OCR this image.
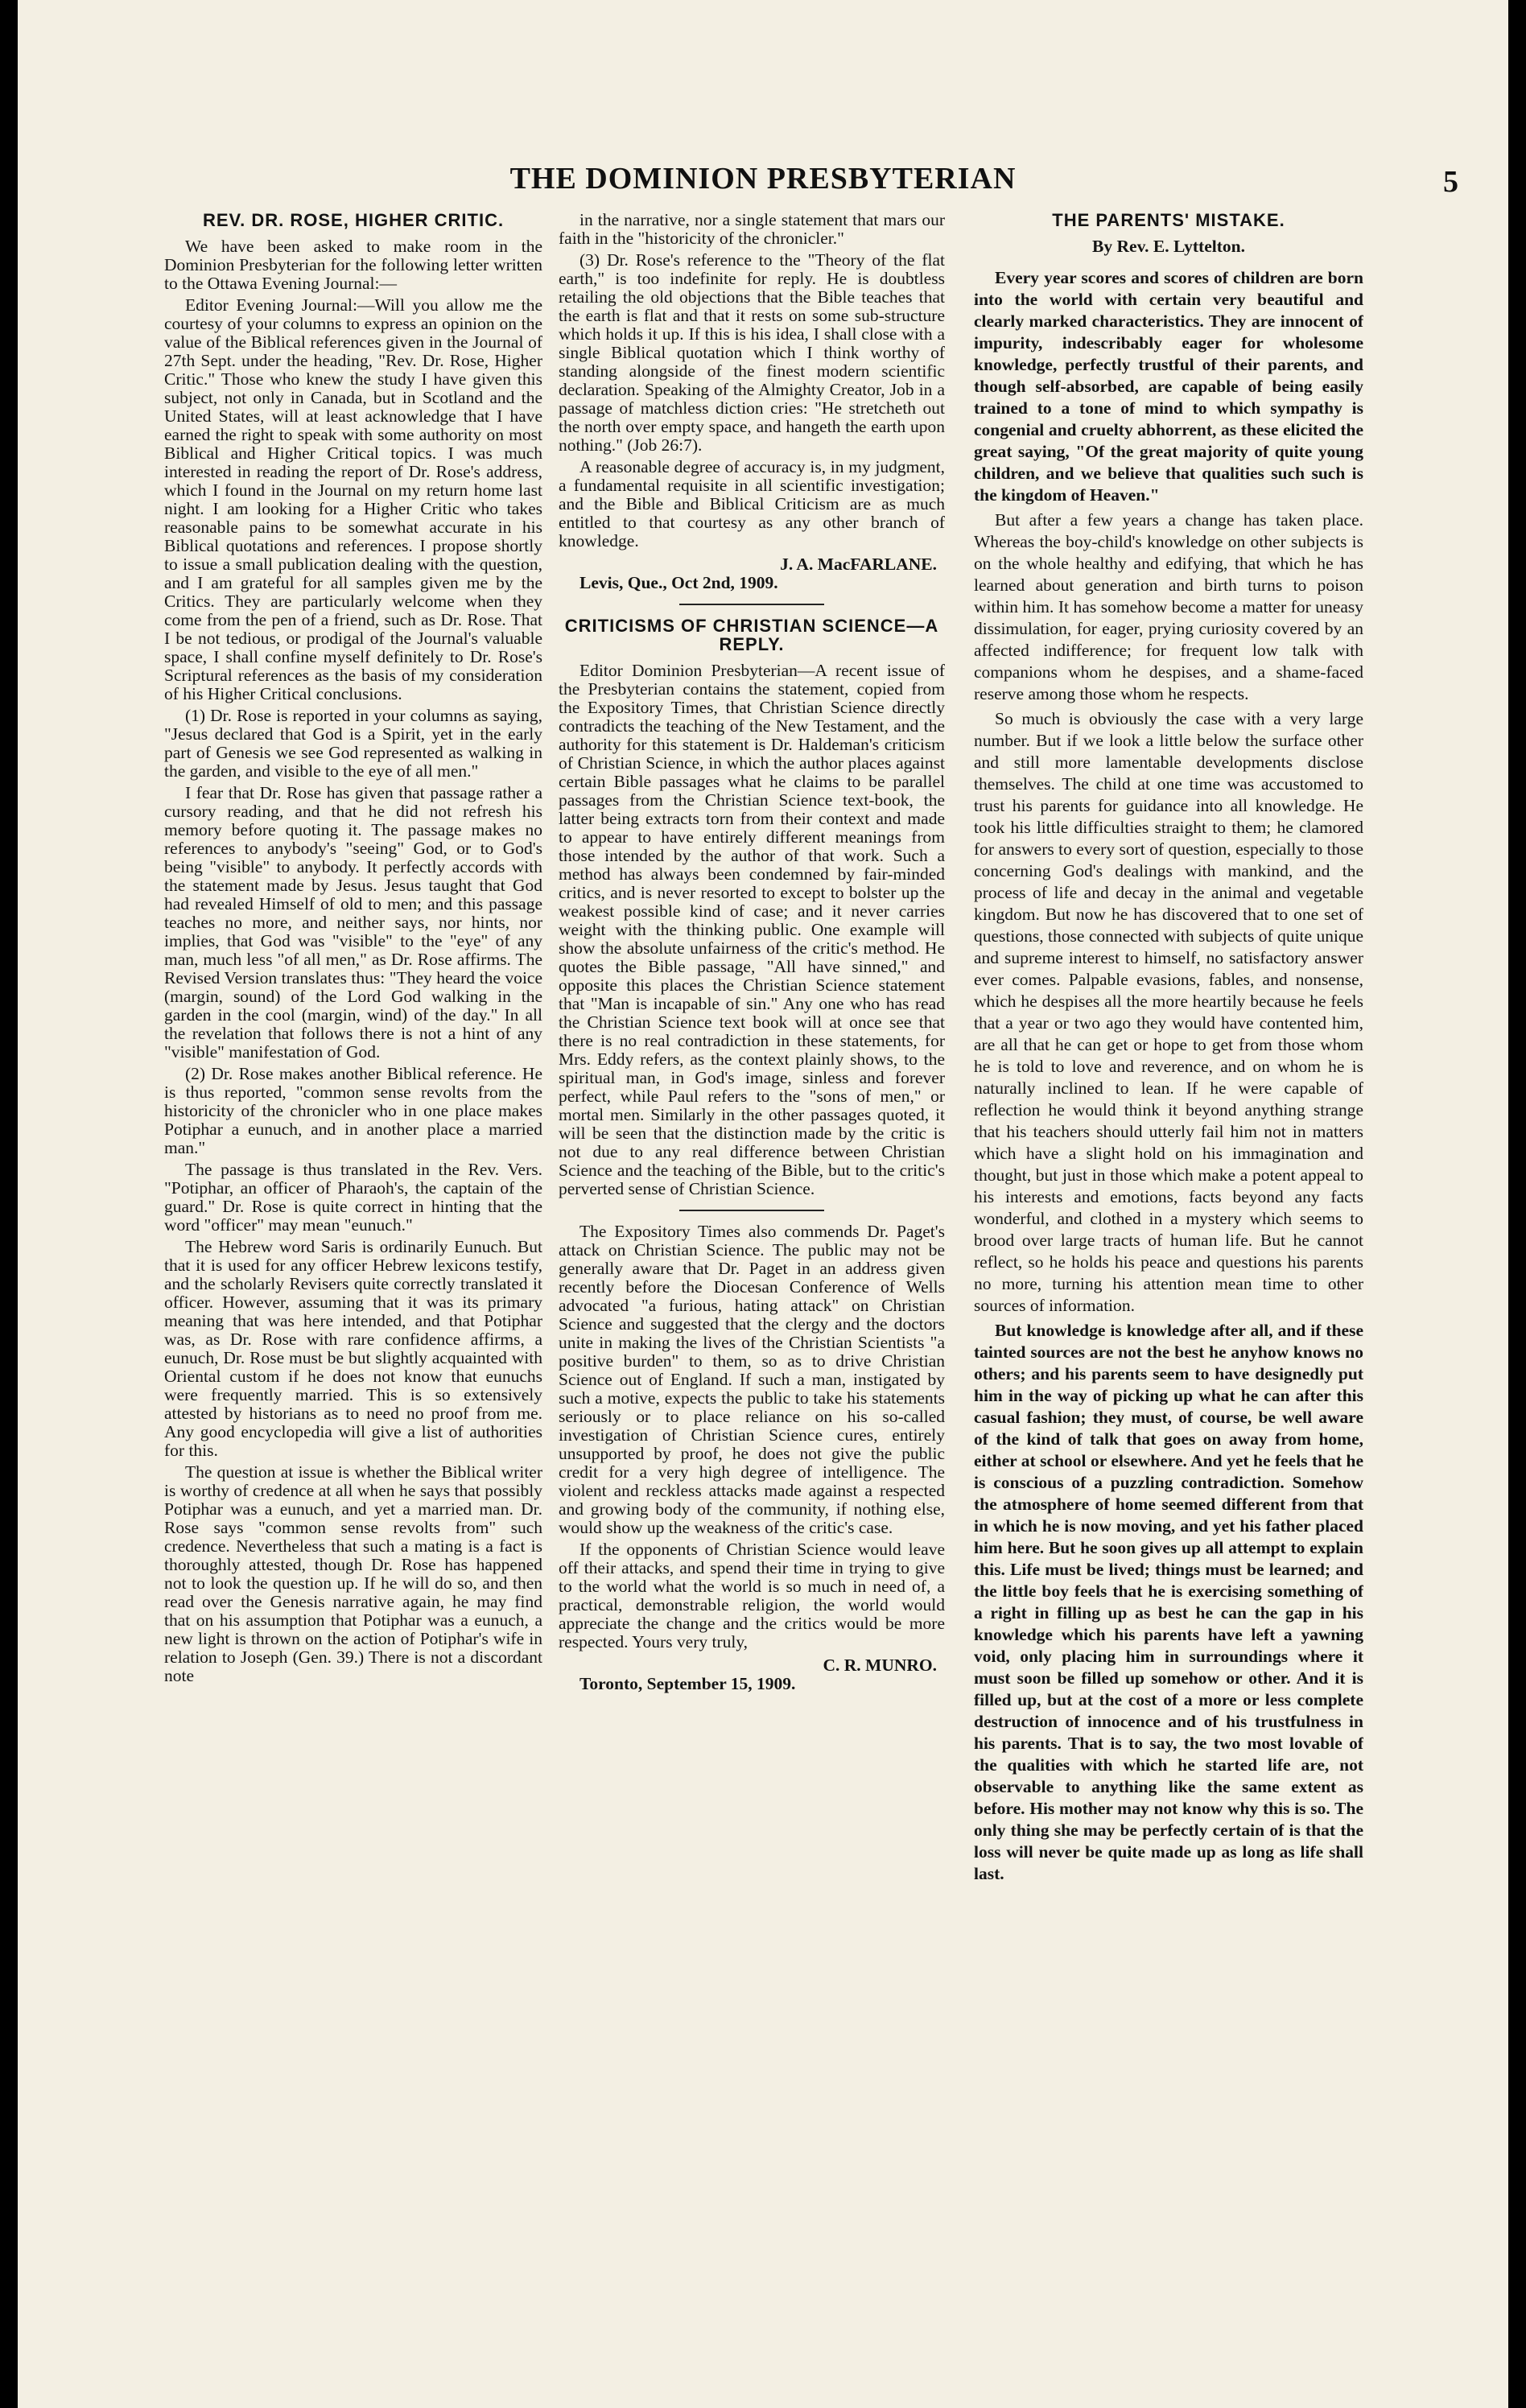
THE DOMINION PRESBYTERIAN	5
REV. DR. ROSE, HIGHER CRITIC.

We have been asked to make room in the Dominion Presbyterian for the following letter written to the Ottawa Evening Journal:—

Editor Evening Journal:—Will you allow me the courtesy of your columns to express an opinion on the value of the Biblical references given in the Journal of 27th Sept. under the heading, "Rev. Dr. Rose, Higher Critic." Those who knew the study I have given this subject, not only in Canada, but in Scotland and the United States, will at least acknowledge that I have earned the right to speak with some authority on most Biblical and Higher Critical topics. I was much interested in reading the report of Dr. Rose's address, which I found in the Journal on my return home last night. I am looking for a Higher Critic who takes reasonable pains to be somewhat accurate in his Biblical quotations and references. I propose shortly to issue a small publication dealing with the question, and I am grateful for all samples given me by the Critics. They are particularly welcome when they come from the pen of a friend, such as Dr. Rose. That I be not tedious, or prodigal of the Journal's valuable space, I shall confine myself definitely to Dr. Rose's Scriptural references as the basis of my consideration of his Higher Critical conclusions.

(1) Dr. Rose is reported in your columns as saying, "Jesus declared that God is a Spirit, yet in the early part of Genesis we see God represented as walking in the garden, and visible to the eye of all men."

I fear that Dr. Rose has given that passage rather a cursory reading, and that he did not refresh his memory before quoting it. The passage makes no references to anybody's "seeing" God, or to God's being "visible" to anybody. It perfectly accords with the statement made by Jesus. Jesus taught that God had revealed Himself of old to men; and this passage teaches no more, and neither says, nor hints, nor implies, that God was "visible" to the "eye" of any man, much less "of all men," as Dr. Rose affirms. The Revised Version translates thus: "They heard the voice (margin, sound) of the Lord God walking in the garden in the cool (margin, wind) of the day." In all the revelation that follows there is not a hint of any "visible" manifestation of God.

(2) Dr. Rose makes another Biblical reference. He is thus reported, "common sense revolts from the historicity of the chronicler who in one place makes Potiphar a eunuch, and in another place a married man."

The passage is thus translated in the Rev. Vers. "Potiphar, an officer of Pharaoh's, the captain of the guard." Dr. Rose is quite correct in hinting that the word "officer" may mean "eunuch."

The Hebrew word Saris is ordinarily Eunuch. But that it is used for any officer Hebrew lexicons testify, and the scholarly Revisers quite correctly translated it officer. However, assuming that it was its primary meaning that was here intended, and that Potiphar was, as Dr. Rose with rare confidence affirms, a eunuch, Dr. Rose must be but slightly acquainted with Oriental custom if he does not know that eunuchs were frequently married. This is so extensively attested by historians as to need no proof from me. Any good encyclopedia will give a list of authorities for this.

The question at issue is whether the Biblical writer is worthy of credence at all when he says that possibly Potiphar was a eunuch, and yet a married man. Dr. Rose says "common sense revolts from" such credence. Nevertheless that such a mating is a fact is thoroughly attested, though Dr. Rose has happened not to look the question up. If he will do so, and then read over the Genesis narrative again, he may find that on his assumption that Potiphar was a eunuch, a new light is thrown on the action of Potiphar's wife in relation to Joseph (Gen. 39.) There is not a discordant note

in the narrative, nor a single statement that mars our faith in the "historicity of the chronicler."

(3) Dr. Rose's reference to the "Theory of the flat earth," is too indefinite for reply. He is doubtless retailing the old objections that the Bible teaches that the earth is flat and that it rests on some sub-structure which holds it up. If this is his idea, I shall close with a single Biblical quotation which I think worthy of standing alongside of the finest modern scientific declaration. Speaking of the Almighty Creator, Job in a passage of matchless diction cries: "He stretcheth out the north over empty space, and hangeth the earth upon nothing." (Job 26:7).

A reasonable degree of accuracy is, in my judgment, a fundamental requisite in all scientific investigation; and the Bible and Biblical Criticism are as much entitled to that courtesy as any other branch of knowledge.

J. A. MacFARLANE.

Levis, Que., Oct 2nd, 1909.

CRITICISMS OF CHRISTIAN SCIENCE—A REPLY.

Editor Dominion Presbyterian—A recent issue of the Presbyterian contains the statement, copied from the Expository Times, that Christian Science directly contradicts the teaching of the New Testament, and the authority for this statement is Dr. Haldeman's criticism of Christian Science, in which the author places against certain Bible passages what he claims to be parallel passages from the Christian Science text-book, the latter being extracts torn from their context and made to appear to have entirely different meanings from those intended by the author of that work. Such a method has always been condemned by fair-minded critics, and is never resorted to except to bolster up the weakest possible kind of case; and it never carries weight with the thinking public. One example will show the absolute unfairness of the critic's method. He quotes the Bible passage, "All have sinned," and opposite this places the Christian Science statement that "Man is incapable of sin." Any one who has read the Christian Science text book will at once see that there is no real contradiction in these statements, for Mrs. Eddy refers, as the context plainly shows, to the spiritual man, in God's image, sinless and forever perfect, while Paul refers to the "sons of men," or mortal men. Similarly in the other passages quoted, it will be seen that the distinction made by the critic is not due to any real difference between Christian Science and the teaching of the Bible, but to the critic's perverted sense of Christian Science.

The Expository Times also commends Dr. Paget's attack on Christian Science. The public may not be generally aware that Dr. Paget in an address given recently before the Diocesan Conference of Wells advocated "a furious, hating attack" on Christian Science and suggested that the clergy and the doctors unite in making the lives of the Christian Scientists "a positive burden" to them, so as to drive Christian Science out of England. If such a man, instigated by such a motive, expects the public to take his statements seriously or to place reliance on his so-called investigation of Christian Science cures, entirely unsupported by proof, he does not give the public credit for a very high degree of intelligence. The violent and reckless attacks made against a respected and growing body of the community, if nothing else, would show up the weakness of the critic's case.

If the opponents of Christian Science would leave off their attacks, and spend their time in trying to give to the world what the world is so much in need of, a practical, demonstrable religion, the world would appreciate the change and the critics would be more respected. Yours very truly,

C. R. MUNRO.

Toronto, September 15, 1909.

THE PARENTS' MISTAKE.
By Rev. E. Lyttelton.

Every year scores and scores of children are born into the world with certain very beautiful and clearly marked characteristics. They are innocent of impurity, indescribably eager for wholesome knowledge, perfectly trustful of their parents, and though self-absorbed, are capable of being easily trained to a tone of mind to which sympathy is congenial and cruelty abhorrent, as these elicited the great saying, "Of the great majority of quite young children, and we believe that qualities such such is the kingdom of Heaven."

But after a few years a change has taken place. Whereas the boy-child's knowledge on other subjects is on the whole healthy and edifying, that which he has learned about generation and birth turns to poison within him. It has somehow become a matter for uneasy dissimulation, for eager, prying curiosity covered by an affected indifference; for frequent low talk with companions whom he despises, and a shame-faced reserve among those whom he respects.

So much is obviously the case with a very large number. But if we look a little below the surface other and still more lamentable developments disclose themselves. The child at one time was accustomed to trust his parents for guidance into all knowledge. He took his little difficulties straight to them; he clamored for answers to every sort of question, especially to those concerning God's dealings with mankind, and the process of life and decay in the animal and vegetable kingdom. But now he has discovered that to one set of questions, those connected with subjects of quite unique and supreme interest to himself, no satisfactory answer ever comes. Palpable evasions, fables, and nonsense, which he despises all the more heartily because he feels that a year or two ago they would have contented him, are all that he can get or hope to get from those whom he is told to love and reverence, and on whom he is naturally inclined to lean. If he were capable of reflection he would think it beyond anything strange that his teachers should utterly fail him not in matters which have a slight hold on his immagination and thought, but just in those which make a potent appeal to his interests and emotions, facts beyond any facts wonderful, and clothed in a mystery which seems to brood over large tracts of human life. But he cannot reflect, so he holds his peace and questions his parents no more, turning his attention mean time to other sources of information.

But knowledge is knowledge after all, and if these tainted sources are not the best he anyhow knows no others; and his parents seem to have designedly put him in the way of picking up what he can after this casual fashion; they must, of course, be well aware of the kind of talk that goes on away from home, either at school or elsewhere. And yet he feels that he is conscious of a puzzling contradiction. Somehow the atmosphere of home seemed different from that in which he is now moving, and yet his father placed him here. But he soon gives up all attempt to explain this. Life must be lived; things must be learned; and the little boy feels that he is exercising something of a right in filling up as best he can the gap in his knowledge which his parents have left a yawning void, only placing him in surroundings where it must soon be filled up somehow or other. And it is filled up, but at the cost of a more or less complete destruction of innocence and of his trustfulness in his parents. That is to say, the two most lovable of the qualities with which he started life are, not observable to anything like the same extent as before. His mother may not know why this is so. The only thing she may be perfectly certain of is that the loss will never be quite made up as long as life shall last.
